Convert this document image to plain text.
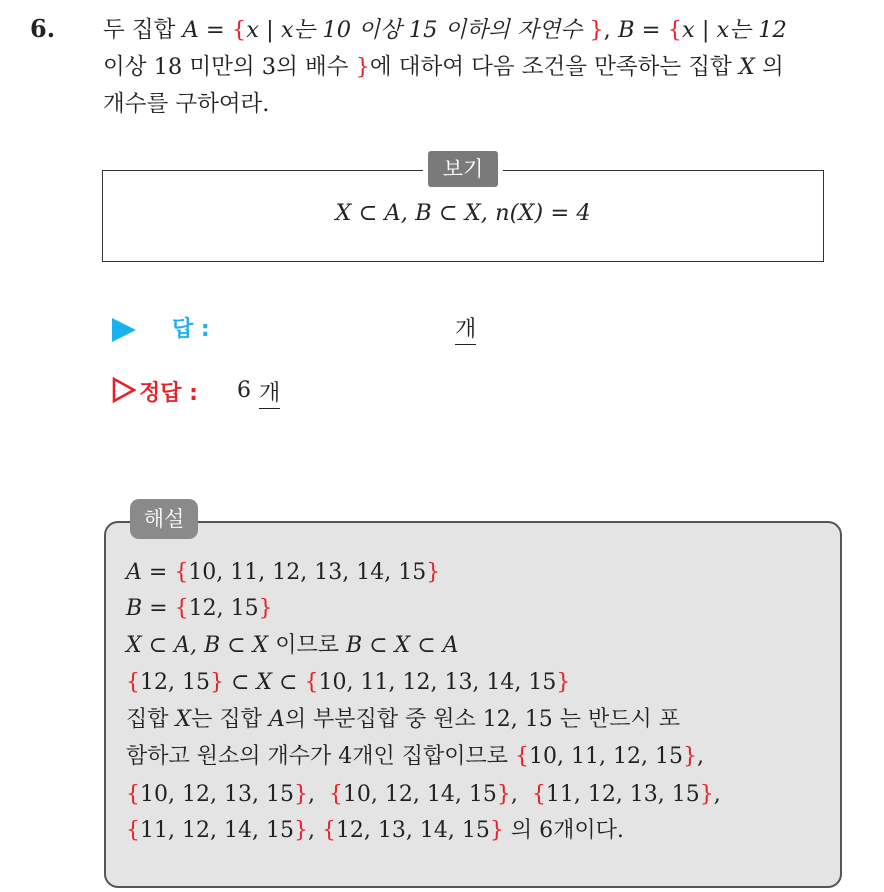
6. 두 집합 A = {x | x는 10 이상 15 이하의 자연수 }, B = {x | x는 12
이상 18 미만의 3의 배수 }에 대하여 다음 조건을 만족하는 집합 X 의
개수를 구하여라.
보기
X ⊂ A, B ⊂ X, n(X) = 4
답 :	개
정답 : 6 개
해설
A = {10, 11, 12, 13, 14, 15}
B = {12, 15}
X ⊂ A, B ⊂ X 이므로 B ⊂ X ⊂ A
{12, 15} ⊂ X ⊂ {10, 11, 12, 13, 14, 15}
집합 X는 집합 A의 부분집합 중 원소 12, 15 는 반드시 포
함하고 원소의 개수가 4개인 집합이므로 {10, 11, 12, 15},
{10, 12, 13, 15},  {10, 12, 14, 15},  {11, 12, 13, 15},
{11, 12, 14, 15}, {12, 13, 14, 15} 의 6개이다.
